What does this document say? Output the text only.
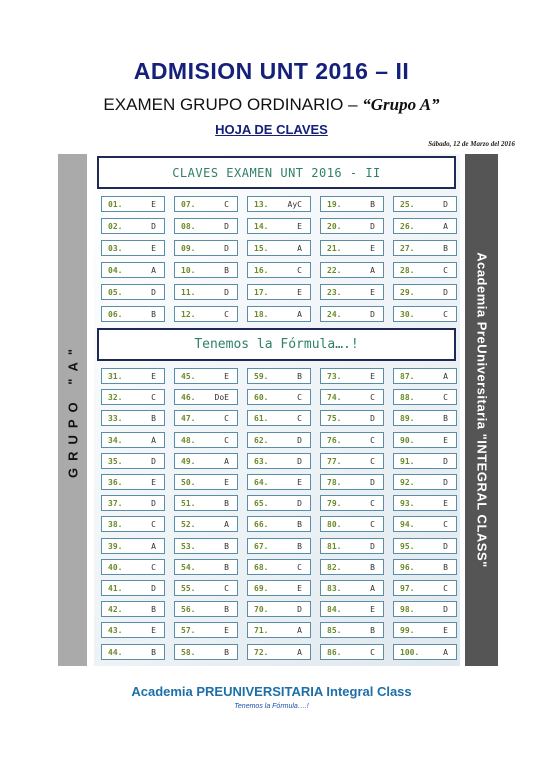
ADMISION UNT 2016 – II
EXAMEN GRUPO ORDINARIO – “Grupo A”
HOJA DE CLAVES
Sábado, 12 de Marzo del 2016
GRUPO "A"	Academia PreUniversitaria "INTEGRAL CLASS"
CLAVES EXAMEN UNT 2016 - II
Tenemos la Fórmula….!
01.	E	07.	C	13. AyC	19.	B	25.	D
02.	D	08.	D	14.	E	20.	D	26.	A
03.	E	09.	D	15.	A	21.	E	27.	B
04.	A	10.	B	16.	C	22.	A	28.	C
05.	D	11.	D	17.	E	23.	E	29.	D
06.	B	12.	C	18.	A	24.	D	30.	C
31.	E	45.	E	59.	B	73.	E	87.	A
32.	C	46. DoE	60.	C	74.	C	88.	C
33.	B	47.	C	61.	C	75.	D	89.	B
34.	A	48.	C	62.	D	76.	C	90.	E
35.	D	49.	A	63.	D	77.	C	91.	D
36.	E	50.	E	64.	E	78.	D	92.	D
37.	D	51.	B	65.	D	79.	C	93.	E
38.	C	52.	A	66.	B	80.	C	94.	C
39.	A	53.	B	67.	B	81.	D	95.	D
40.	C	54.	B	68.	C	82.	B	96.	B
41.	D	55.	C	69.	E	83.	A	97.	C
42.	B	56.	B	70.	D	84.	E	98.	D
43.	E	57.	E	71.	A	85.	B	99.	E
44.	B	58.	B	72.	A	86.	C	100.	A
Academia PREUNIVERSITARIA Integral Class
Tenemos la Fórmula….!
